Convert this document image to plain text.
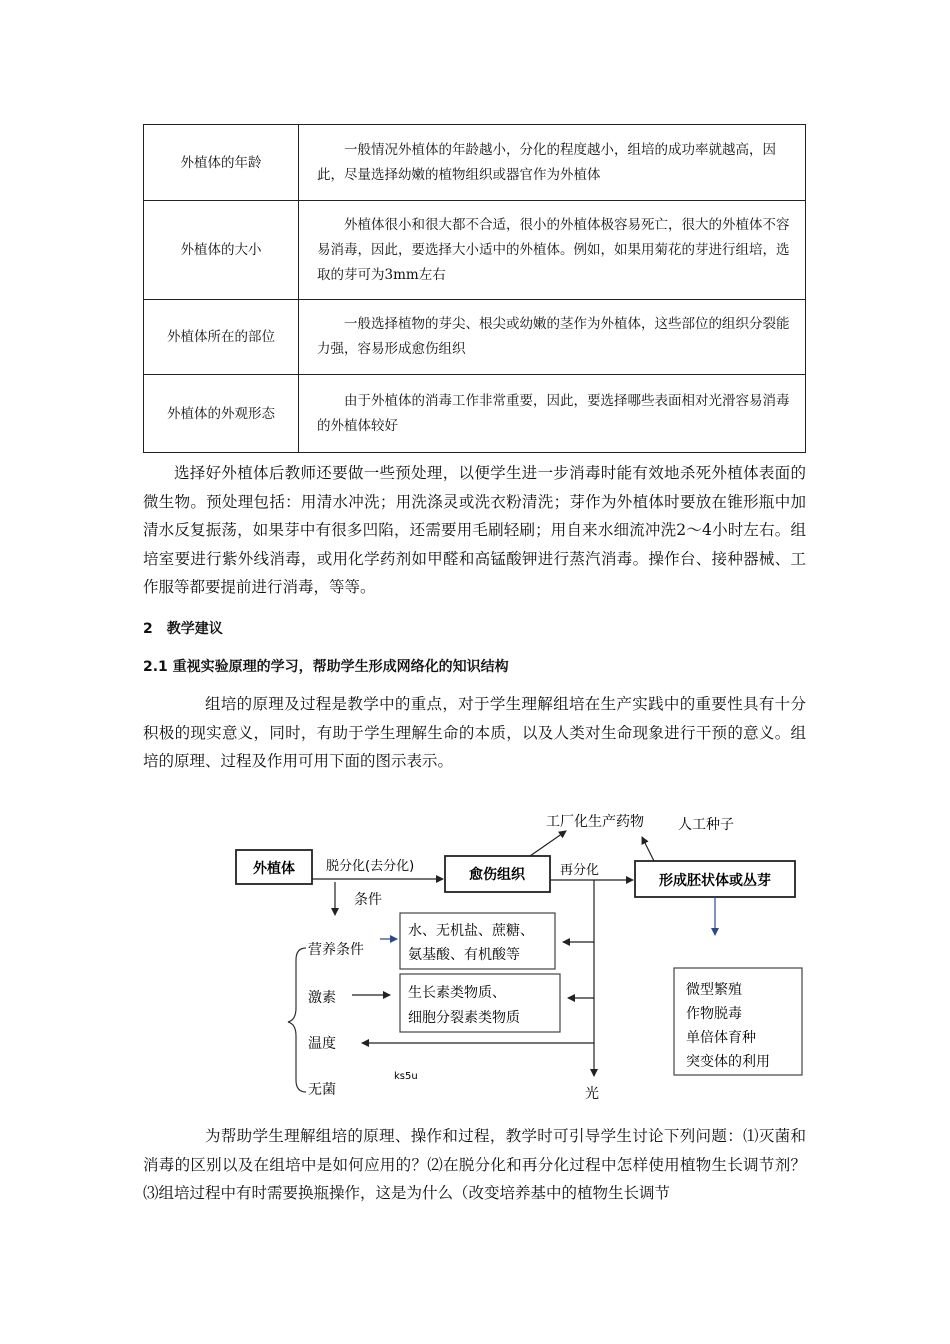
外植体的年龄	一般情况外植体的年龄越小，分化的程度越小，组培的成功率就越高，因此，尽量选择幼嫩的植物组织或器官作为外植体
外植体的大小	外植体很小和很大都不合适，很小的外植体极容易死亡，很大的外植体不容易消毒，因此，要选择大小适中的外植体。例如，如果用菊花的芽进行组培，选取的芽可为3mm左右
外植体所在的部位	一般选择植物的芽尖、根尖或幼嫩的茎作为外植体，这些部位的组织分裂能力强，容易形成愈伤组织
外植体的外观形态	由于外植体的消毒工作非常重要，因此，要选择哪些表面相对光滑容易消毒的外植体较好

选择好外植体后教师还要做一些预处理，以便学生进一步消毒时能有效地杀死外植体表面的微生物。预处理包括：用清水冲洗；用洗涤灵或洗衣粉清洗；芽作为外植体时要放在锥形瓶中加清水反复振荡，如果芽中有很多凹陷，还需要用毛刷轻刷；用自来水细流冲洗2～4小时左右。组培室要进行紫外线消毒，或用化学药剂如甲醛和高锰酸钾进行蒸汽消毒。操作台、接种器械、工作服等都要提前进行消毒，等等。

2　教学建议

2.1 重视实验原理的学习，帮助学生形成网络化的知识结构

组培的原理及过程是教学中的重点，对于学生理解组培在生产实践中的重要性具有十分积极的现实意义，同时，有助于学生理解生命的本质，以及人类对生命现象进行干预的意义。组培的原理、过程及作用可用下面的图示表示。

外植体	愈伤组织	形成胚状体或丛芽
脱分化(去分化)	再分化
工厂化生产药物 人工种子
条件
光
水、无机盐、蔗糖、
氨基酸、有机酸等
生长素类物质、
细胞分裂素类物质
营养条件
激素
温度
无菌
ks5u
微型繁殖
作物脱毒
单倍体育种
突变体的利用

为帮助学生理解组培的原理、操作和过程，教学时可引导学生讨论下列问题：⑴灭菌和消毒的区别以及在组培中是如何应用的？⑵在脱分化和再分化过程中怎样使用植物生长调节剂？⑶组培过程中有时需要换瓶操作，这是为什么（改变培养基中的植物生长调节
